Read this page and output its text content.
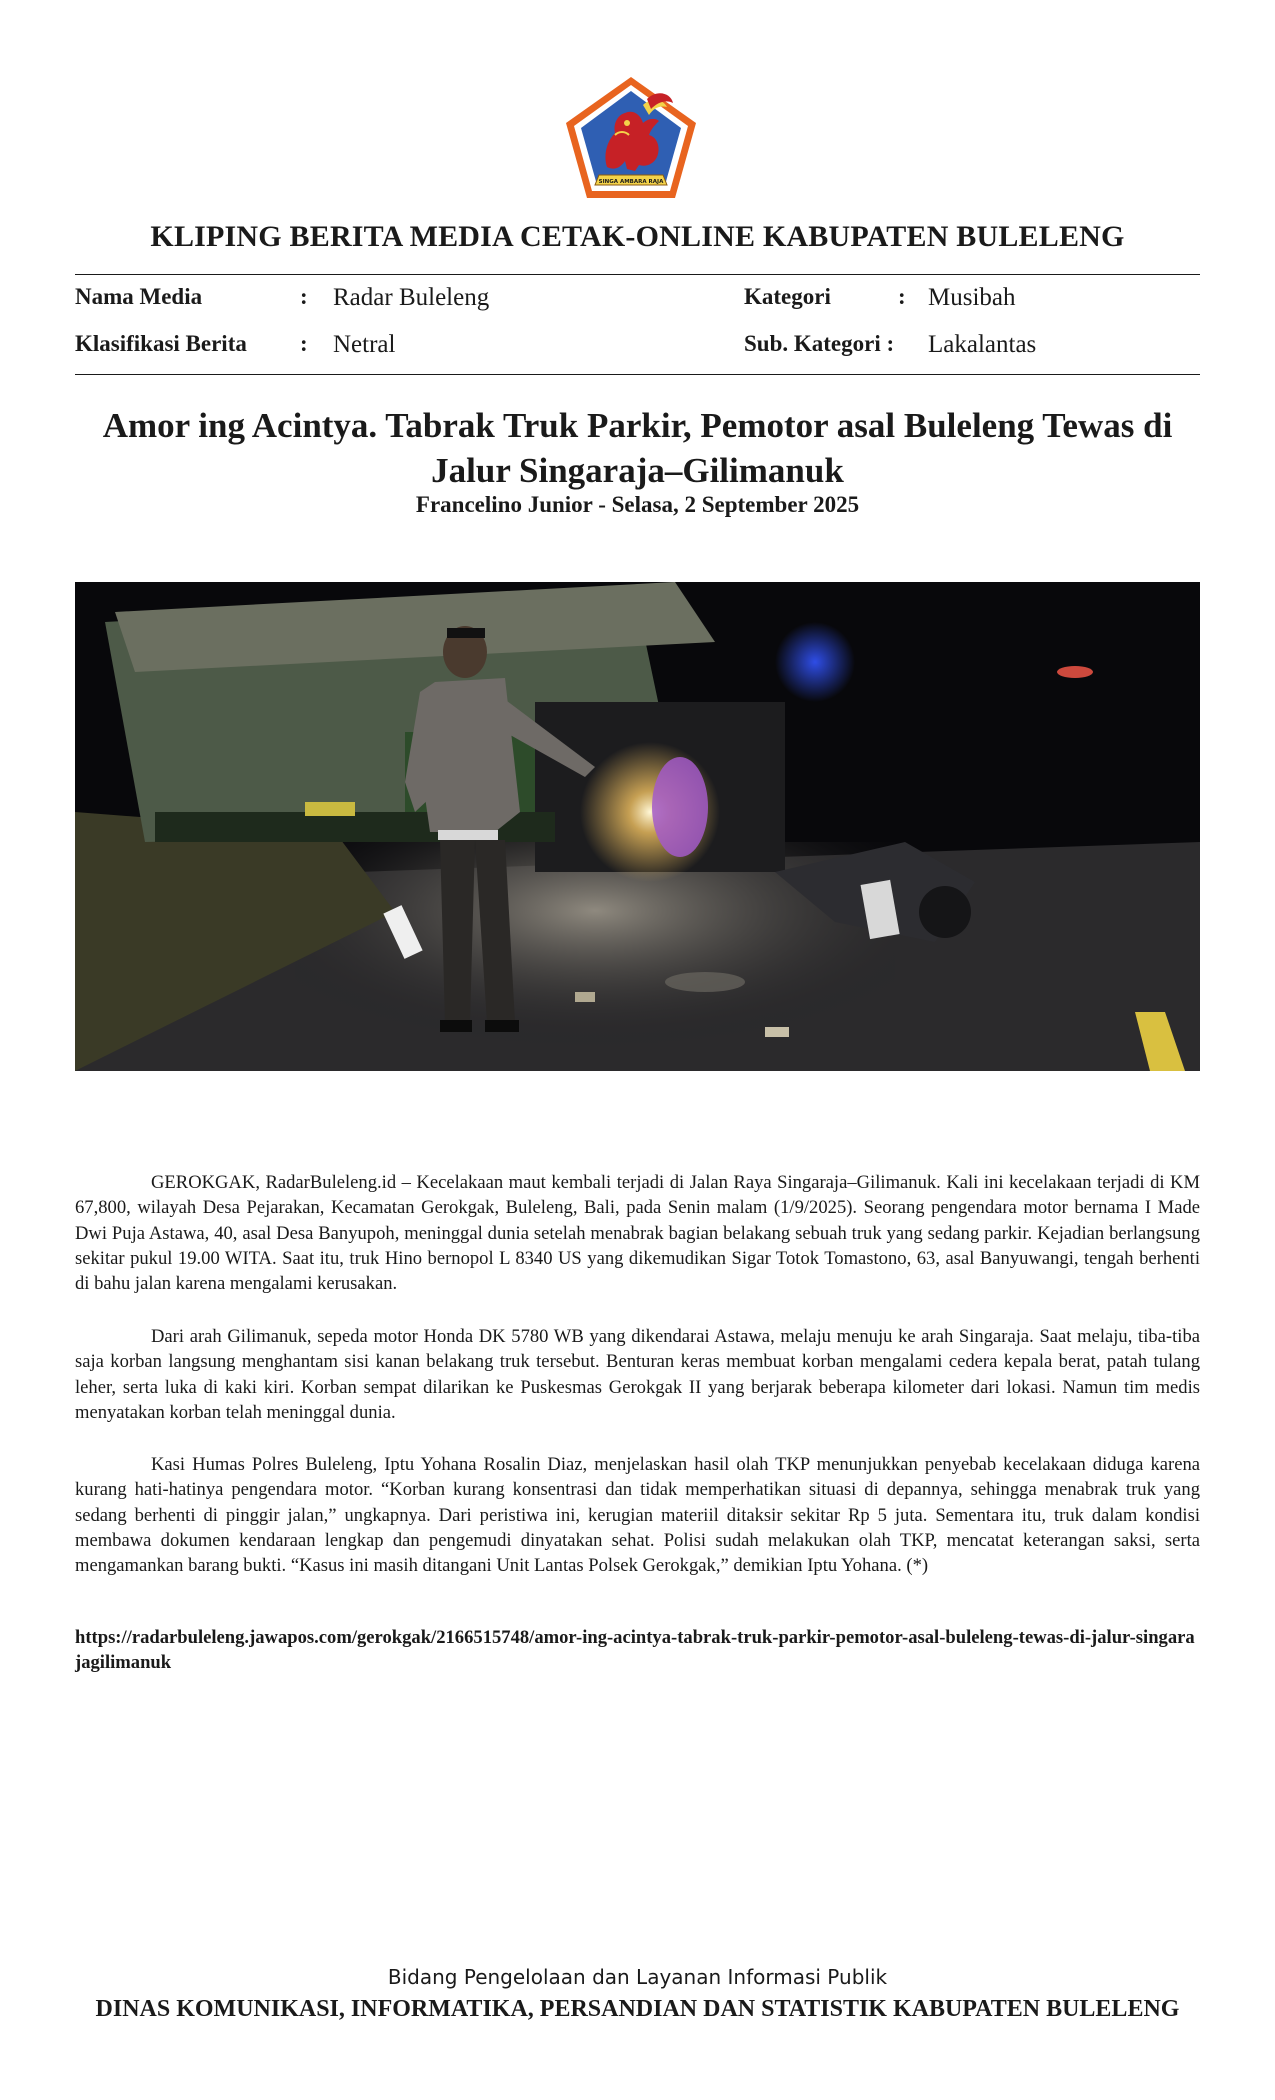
SINGA AMBARA RAJA
KLIPING BERITA MEDIA CETAK-ONLINE KABUPATEN BULELENG
Nama Media	: Radar Buleleng	Kategori	: Musibah
Klasifikasi Berita : Netral	Sub. Kategori : Lakalantas
Amor ing Acintya. Tabrak Truk Parkir, Pemotor asal Buleleng Tewas di Jalur Singaraja–Gilimanuk
Francelino Junior - Selasa, 2 September 2025

GEROKGAK, RadarBuleleng.id – Kecelakaan maut kembali terjadi di Jalan Raya Singaraja–Gilimanuk. Kali ini kecelakaan terjadi di KM 67,800, wilayah Desa Pejarakan, Kecamatan Gerokgak, Buleleng, Bali, pada Senin malam (1/9/2025). Seorang pengendara motor bernama I Made Dwi Puja Astawa, 40, asal Desa Banyupoh, meninggal dunia setelah menabrak bagian belakang sebuah truk yang sedang parkir. Kejadian berlangsung sekitar pukul 19.00 WITA. Saat itu, truk Hino bernopol L 8340 US yang dikemudikan Sigar Totok Tomastono, 63, asal Banyuwangi, tengah berhenti di bahu jalan karena mengalami kerusakan.

Dari arah Gilimanuk, sepeda motor Honda DK 5780 WB yang dikendarai Astawa, melaju menuju ke arah Singaraja. Saat melaju, tiba-tiba saja korban langsung menghantam sisi kanan belakang truk tersebut. Benturan keras membuat korban mengalami cedera kepala berat, patah tulang leher, serta luka di kaki kiri. Korban sempat dilarikan ke Puskesmas Gerokgak II yang berjarak beberapa kilometer dari lokasi. Namun tim medis menyatakan korban telah meninggal dunia.

Kasi Humas Polres Buleleng, Iptu Yohana Rosalin Diaz, menjelaskan hasil olah TKP menunjukkan penyebab kecelakaan diduga karena kurang hati-hatinya pengendara motor. “Korban kurang konsentrasi dan tidak memperhatikan situasi di depannya, sehingga menabrak truk yang sedang berhenti di pinggir jalan,” ungkapnya. Dari peristiwa ini, kerugian materiil ditaksir sekitar Rp 5 juta. Sementara itu, truk dalam kondisi membawa dokumen kendaraan lengkap dan pengemudi dinyatakan sehat. Polisi sudah melakukan olah TKP, mencatat keterangan saksi, serta mengamankan barang bukti. “Kasus ini masih ditangani Unit Lantas Polsek Gerokgak,” demikian Iptu Yohana. (*)

https://radarbuleleng.jawapos.com/gerokgak/2166515748/amor-ing-acintya-tabrak-truk-parkir-pemotor-asal-buleleng-tewas-di-jalur-singarajagilimanuk

Bidang Pengelolaan dan Layanan Informasi Publik
DINAS KOMUNIKASI, INFORMATIKA, PERSANDIAN DAN STATISTIK KABUPATEN BULELENG
